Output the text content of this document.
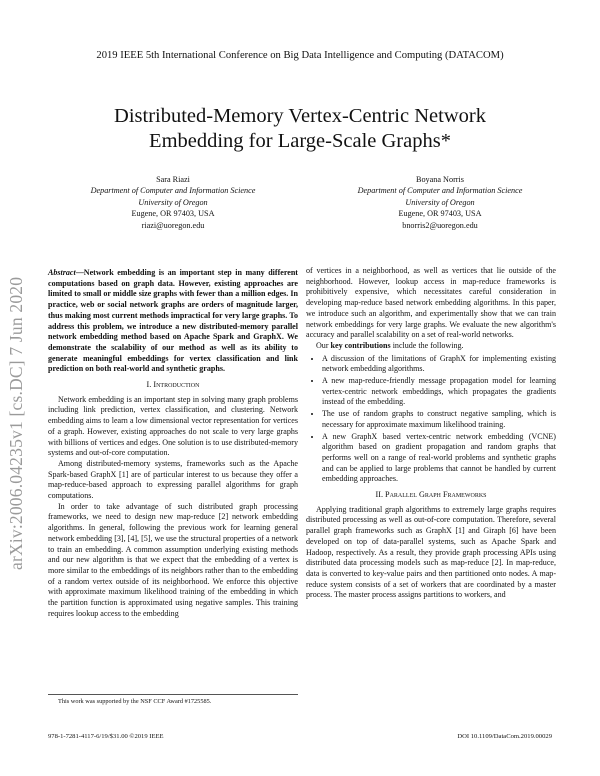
2019 IEEE 5th International Conference on Big Data Intelligence and Computing (DATACOM)
Distributed-Memory Vertex-Centric Network
Embedding for Large-Scale Graphs*
Sara Riazi
Department of Computer and Information Science
University of Oregon
Eugene, OR 97403, USA
riazi@uoregon.edu
Boyana Norris
Department of Computer and Information Science
University of Oregon
Eugene, OR 97403, USA
bnorris2@uoregon.edu
arXiv:2006.04235v1 [cs.DC] 7 Jun 2020

Abstract—Network embedding is an important step in many different computations based on graph data. However, existing approaches are limited to small or middle size graphs with fewer than a million edges. In practice, web or social network graphs are orders of magnitude larger, thus making most current methods impractical for very large graphs. To address this problem, we introduce a new distributed-memory parallel network embedding method based on Apache Spark and GraphX. We demonstrate the scalability of our method as well as its ability to generate meaningful embeddings for vertex classification and link prediction on both real-world and synthetic graphs.

I. Introduction

Network embedding is an important step in solving many graph problems including link prediction, vertex classification, and clustering. Network embedding aims to learn a low dimensional vector representation for vertices of a graph. However, existing approaches do not scale to very large graphs with billions of vertices and edges. One solution is to use distributed-memory systems and out-of-core computation.

Among distributed-memory systems, frameworks such as the Apache Spark-based GraphX [1] are of particular interest to us because they offer a map-reduce-based approach to expressing parallel algorithms for graph computations.

In order to take advantage of such distributed graph processing frameworks, we need to design new map-reduce [2] network embedding algorithms. In general, following the previous work for learning general network embedding [3], [4], [5], we use the structural properties of a network to train an embedding. A common assumption underlying existing methods and our new algorithm is that we expect that the embedding of a vertex is more similar to the embeddings of its neighbors rather than to the embedding of a random vertex outside of its neighborhood. We enforce this objective with approximate maximum likelihood training of the embedding in which the partition function is approximated using negative samples. This training requires lookup access to the embedding

This work was supported by the NSF CCF Award #1725585.

of vertices in a neighborhood, as well as vertices that lie outside of the neighborhood. However, lookup access in map-reduce frameworks is prohibitively expensive, which necessitates careful consideration in developing map-reduce based network embedding algorithms. In this paper, we introduce such an algorithm, and experimentally show that we can train network embeddings for very large graphs. We evaluate the new algorithm's accuracy and parallel scalability on a set of real-world networks.

Our key contributions include the following.

• A discussion of the limitations of GraphX for implementing existing network embedding algorithms.
• A new map-reduce-friendly message propagation model for learning vertex-centric network embeddings, which propagates the gradients instead of the embedding.
• The use of random graphs to construct negative sampling, which is necessary for approximate maximum likelihood training.
• A new GraphX based vertex-centric network embedding (VCNE) algorithm based on gradient propagation and random graphs that performs well on a range of real-world problems and synthetic graphs and can be applied to large problems that cannot be handled by current embedding approaches.
II. Parallel Graph Frameworks

Applying traditional graph algorithms to extremely large graphs requires distributed processing as well as out-of-core computation. Therefore, several parallel graph frameworks such as GraphX [1] and Giraph [6] have been developed on top of data-parallel systems, such as Apache Spark and Hadoop, respectively. As a result, they provide graph processing APIs using distributed data processing models such as map-reduce [2]. In map-reduce, data is converted to key-value pairs and then partitioned onto nodes. A map-reduce system consists of a set of workers that are coordinated by a master process. The master process assigns partitions to workers, and

978-1-7281-4117-6/19/$31.00 ©2019 IEEE	DOI 10.1109/DataCom.2019.00029
